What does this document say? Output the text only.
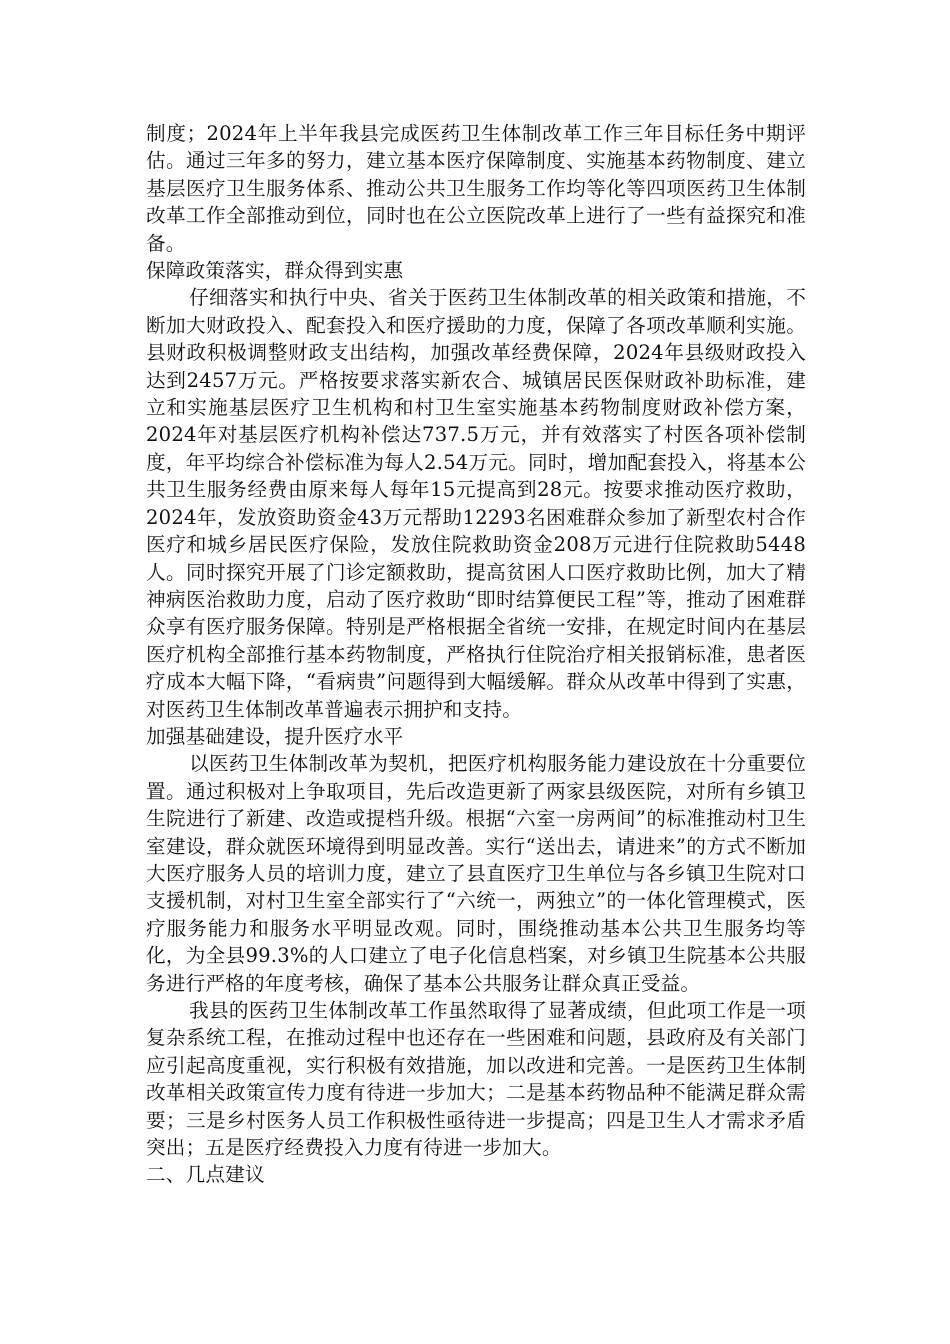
制度；2024年上半年我县完成医药卫生体制改革工作三年目标任务中期评估。通过三年多的努力，建立基本医疗保障制度、实施基本药物制度、建立基层医疗卫生服务体系、推动公共卫生服务工作均等化等四项医药卫生体制改革工作全部推动到位，同时也在公立医院改革上进行了一些有益探究和准备。

保障政策落实，群众得到实惠

仔细落实和执行中央、省关于医药卫生体制改革的相关政策和措施，不断加大财政投入、配套投入和医疗援助的力度，保障了各项改革顺利实施。县财政积极调整财政支出结构，加强改革经费保障，2024年县级财政投入达到2457万元。严格按要求落实新农合、城镇居民医保财政补助标准，建立和实施基层医疗卫生机构和村卫生室实施基本药物制度财政补偿方案，2024年对基层医疗机构补偿达737.5万元，并有效落实了村医各项补偿制度，年平均综合补偿标准为每人2.54万元。同时，增加配套投入，将基本公共卫生服务经费由原来每人每年15元提高到28元。按要求推动医疗救助，2024年，发放资助资金43万元帮助12293名困难群众参加了新型农村合作医疗和城乡居民医疗保险，发放住院救助资金208万元进行住院救助5448人。同时探究开展了门诊定额救助，提高贫困人口医疗救助比例，加大了精神病医治救助力度，启动了医疗救助“即时结算便民工程”等，推动了困难群众享有医疗服务保障。特别是严格根据全省统一安排，在规定时间内在基层医疗机构全部推行基本药物制度，严格执行住院治疗相关报销标准，患者医疗成本大幅下降，“看病贵”问题得到大幅缓解。群众从改革中得到了实惠，对医药卫生体制改革普遍表示拥护和支持。

加强基础建设，提升医疗水平

以医药卫生体制改革为契机，把医疗机构服务能力建设放在十分重要位置。通过积极对上争取项目，先后改造更新了两家县级医院，对所有乡镇卫生院进行了新建、改造或提档升级。根据“六室一房两间”的标准推动村卫生室建设，群众就医环境得到明显改善。实行“送出去，请进来”的方式不断加大医疗服务人员的培训力度，建立了县直医疗卫生单位与各乡镇卫生院对口支援机制，对村卫生室全部实行了“六统一，两独立”的一体化管理模式，医疗服务能力和服务水平明显改观。同时，围绕推动基本公共卫生服务均等化，为全县99.3%的人口建立了电子化信息档案，对乡镇卫生院基本公共服务进行严格的年度考核，确保了基本公共服务让群众真正受益。

我县的医药卫生体制改革工作虽然取得了显著成绩，但此项工作是一项复杂系统工程，在推动过程中也还存在一些困难和问题，县政府及有关部门应引起高度重视，实行积极有效措施，加以改进和完善。一是医药卫生体制改革相关政策宣传力度有待进一步加大；二是基本药物品种不能满足群众需要；三是乡村医务人员工作积极性亟待进一步提高；四是卫生人才需求矛盾突出；五是医疗经费投入力度有待进一步加大。

二、几点建议
